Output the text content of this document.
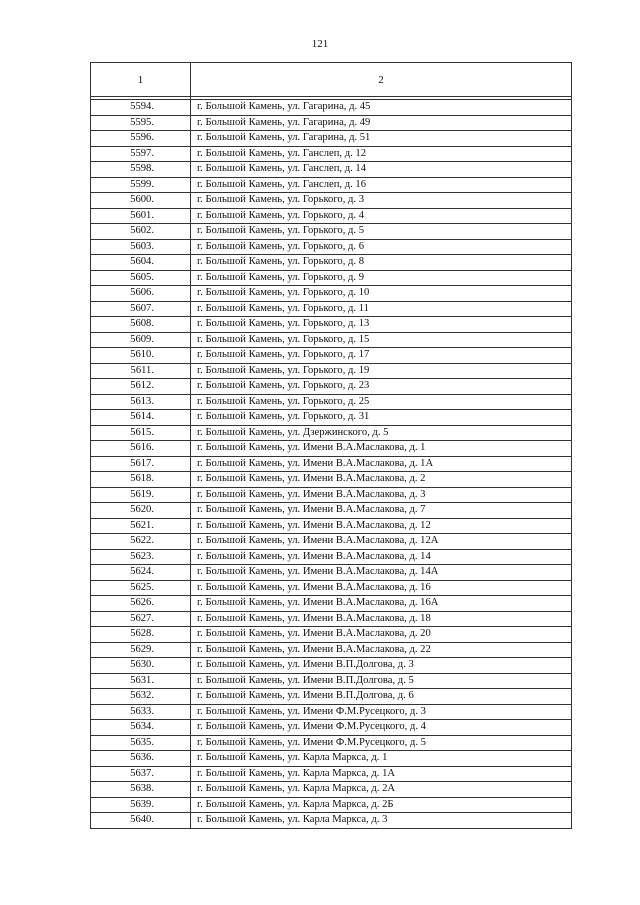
121
1	2

5594.	г. Большой Камень, ул. Гагарина, д. 45
5595.	г. Большой Камень, ул. Гагарина, д. 49
5596.	г. Большой Камень, ул. Гагарина, д. 51
5597.	г. Большой Камень, ул. Ганслеп, д. 12
5598.	г. Большой Камень, ул. Ганслеп, д. 14
5599.	г. Большой Камень, ул. Ганслеп, д. 16
5600.	г. Большой Камень, ул. Горького, д. 3
5601.	г. Большой Камень, ул. Горького, д. 4
5602.	г. Большой Камень, ул. Горького, д. 5
5603.	г. Большой Камень, ул. Горького, д. 6
5604.	г. Большой Камень, ул. Горького, д. 8
5605.	г. Большой Камень, ул. Горького, д. 9
5606.	г. Большой Камень, ул. Горького, д. 10
5607.	г. Большой Камень, ул. Горького, д. 11
5608.	г. Большой Камень, ул. Горького, д. 13
5609.	г. Большой Камень, ул. Горького, д. 15
5610.	г. Большой Камень, ул. Горького, д. 17
5611.	г. Большой Камень, ул. Горького, д. 19
5612.	г. Большой Камень, ул. Горького, д. 23
5613.	г. Большой Камень, ул. Горького, д. 25
5614.	г. Большой Камень, ул. Горького, д. 31
5615.	г. Большой Камень, ул. Дзержинского, д. 5
5616.	г. Большой Камень, ул. Имени В.А.Маслакова, д. 1
5617.	г. Большой Камень, ул. Имени В.А.Маслакова, д. 1А
5618.	г. Большой Камень, ул. Имени В.А.Маслакова, д. 2
5619.	г. Большой Камень, ул. Имени В.А.Маслакова, д. 3
5620.	г. Большой Камень, ул. Имени В.А.Маслакова, д. 7
5621.	г. Большой Камень, ул. Имени В.А.Маслакова, д. 12
5622.	г. Большой Камень, ул. Имени В.А.Маслакова, д. 12А
5623.	г. Большой Камень, ул. Имени В.А.Маслакова, д. 14
5624.	г. Большой Камень, ул. Имени В.А.Маслакова, д. 14А
5625.	г. Большой Камень, ул. Имени В.А.Маслакова, д. 16
5626.	г. Большой Камень, ул. Имени В.А.Маслакова, д. 16А
5627.	г. Большой Камень, ул. Имени В.А.Маслакова, д. 18
5628.	г. Большой Камень, ул. Имени В.А.Маслакова, д. 20
5629.	г. Большой Камень, ул. Имени В.А.Маслакова, д. 22
5630.	г. Большой Камень, ул. Имени В.П.Долгова, д. 3
5631.	г. Большой Камень, ул. Имени В.П.Долгова, д. 5
5632.	г. Большой Камень, ул. Имени В.П.Долгова, д. 6
5633.	г. Большой Камень, ул. Имени Ф.М.Русецкого, д. 3
5634.	г. Большой Камень, ул. Имени Ф.М.Русецкого, д. 4
5635.	г. Большой Камень, ул. Имени Ф.М.Русецкого, д. 5
5636.	г. Большой Камень, ул. Карла Маркса, д. 1
5637.	г. Большой Камень, ул. Карла Маркса, д. 1А
5638.	г. Большой Камень, ул. Карла Маркса, д. 2А
5639.	г. Большой Камень, ул. Карла Маркса, д. 2Б
5640.	г. Большой Камень, ул. Карла Маркса, д. 3
